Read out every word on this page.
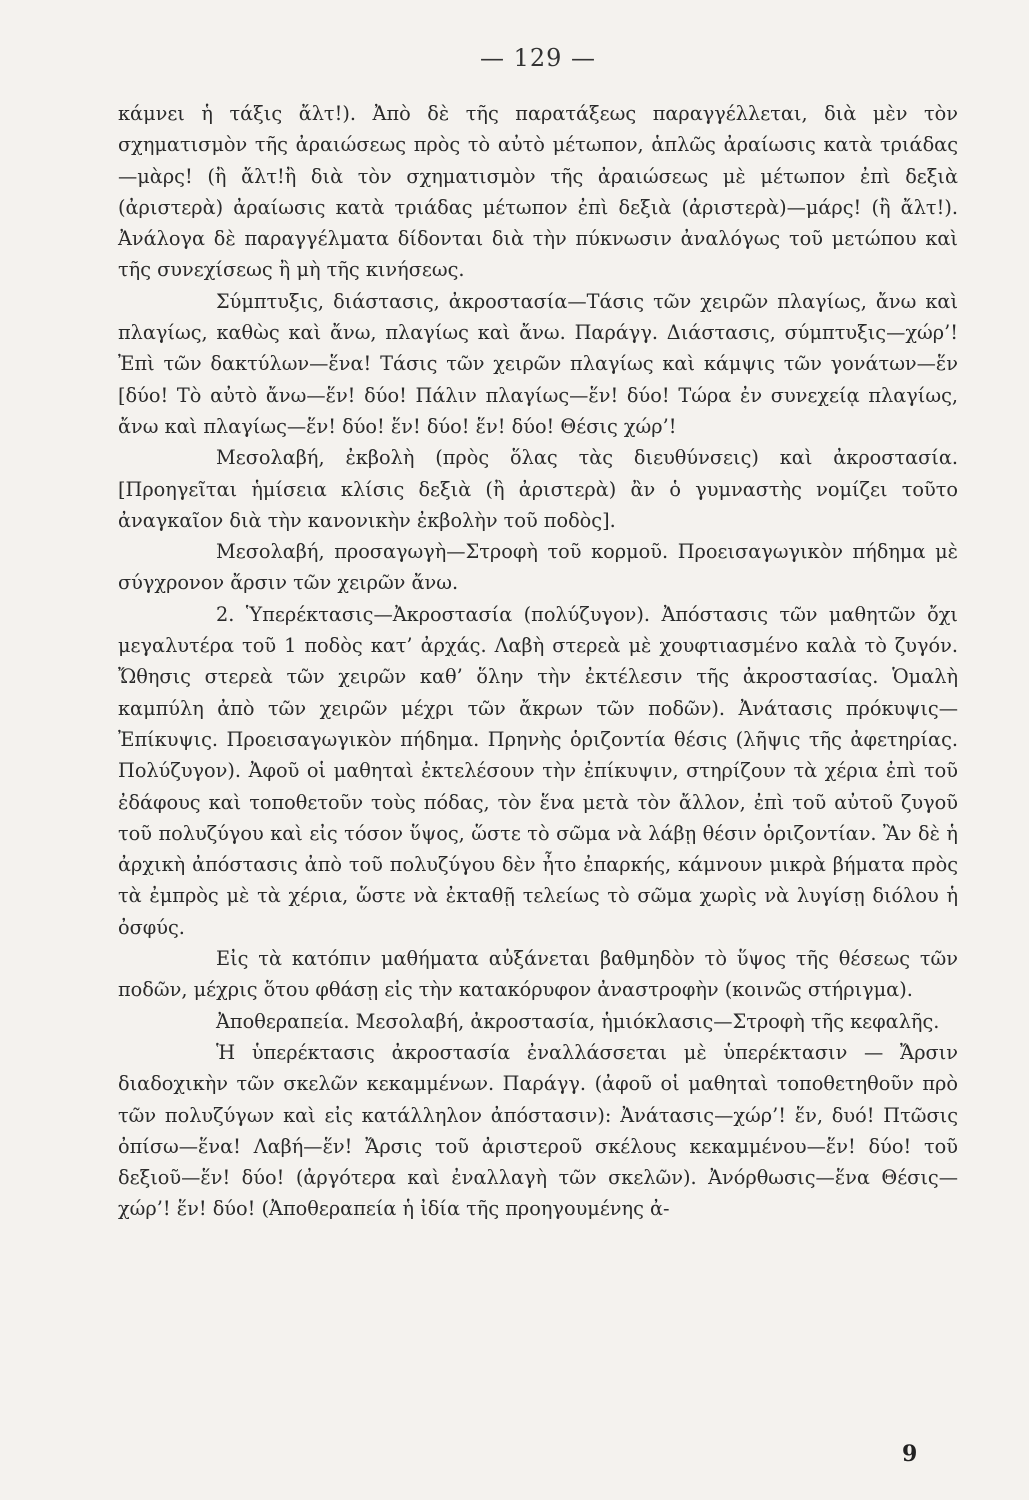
— 129 —

κάμνει ἡ τάξις ἄλτ!). Ἀπὸ δὲ τῆς παρατάξεως παραγγέλλεται, διὰ μὲν τὸν σχηματισμὸν τῆς ἀραιώσεως πρὸς τὸ αὐτὸ μέτωπον, ἁπλῶς ἀραίωσις κατὰ τριάδας—μὰρς! (ἢ ἄλτ!ἢ διὰ τὸν σχηματισμὸν τῆς ἀραιώσεως μὲ μέτωπον ἐπὶ δεξιὰ (ἀριστερὰ) ἀραίωσις κατὰ τριάδας μέτωπον ἐπὶ δεξιὰ (ἀριστερὰ)—μάρς! (ἢ ἄλτ!). Ἀνάλογα δὲ παραγγέλματα δίδονται διὰ τὴν πύκνωσιν ἀναλόγως τοῦ μετώπου καὶ τῆς συνεχίσεως ἢ μὴ τῆς κινήσεως.

Σύμπτυξις, διάστασις, ἀκροστασία—Τάσις τῶν χειρῶν πλαγίως, ἄνω καὶ πλαγίως, καθὼς καὶ ἄνω, πλαγίως καὶ ἄνω. Παράγγ. Διάστασις, σύμπτυξις—χώρ’! Ἐπὶ τῶν δακτύλων—ἕνα! Τάσις τῶν χειρῶν πλαγίως καὶ κάμψις τῶν γονάτων—ἕν [δύο! Τὸ αὐτὸ ἄνω—ἕν! δύο! Πάλιν πλαγίως—ἕν! δύο! Τώρα ἐν συνεχείᾳ πλαγίως, ἄνω καὶ πλαγίως—ἕν! δύο! ἕν! δύο! ἕν! δύο! Θέσις χώρ’!

Μεσολαβή, ἐκβολὴ (πρὸς ὅλας τὰς διευθύνσεις) καὶ ἀκροστασία. [Προηγεῖται ἡμίσεια κλίσις δεξιὰ (ἢ ἀριστερὰ) ἂν ὁ γυμναστὴς νομίζει τοῦτο ἀναγκαῖον διὰ τὴν κανονικὴν ἐκβολὴν τοῦ ποδὸς].

Μεσολαβή, προσαγωγὴ—Στροφὴ τοῦ κορμοῦ. Προεισαγωγικὸν πήδημα μὲ σύγχρονον ἄρσιν τῶν χειρῶν ἄνω.

2. Ὑπερέκτασις—Ἀκροστασία (πολύζυγον). Ἀπόστασις τῶν μαθητῶν ὄχι μεγαλυτέρα τοῦ 1 ποδὸς κατ’ ἀρχάς. Λαβὴ στερεὰ μὲ χουφτιασμένο καλὰ τὸ ζυγόν. Ὤθησις στερεὰ τῶν χειρῶν καθ’ ὅλην τὴν ἐκτέλεσιν τῆς ἀκροστασίας. Ὁμαλὴ καμπύλη ἀπὸ τῶν χειρῶν μέχρι τῶν ἄκρων τῶν ποδῶν). Ἀνάτασις πρόκυψις—Ἐπίκυψις. Προεισαγωγικὸν πήδημα. Πρηνὴς ὁριζοντία θέσις (λῆψις τῆς ἀφετηρίας. Πολύζυγον). Ἀφοῦ οἱ μαθηταὶ ἐκτελέσουν τὴν ἐπίκυψιν, στηρίζουν τὰ χέρια ἐπὶ τοῦ ἐδάφους καὶ τοποθετοῦν τοὺς πόδας, τὸν ἕνα μετὰ τὸν ἄλλον, ἐπὶ τοῦ αὐτοῦ ζυγοῦ τοῦ πολυζύγου καὶ εἰς τόσον ὕψος, ὥστε τὸ σῶμα νὰ λάβῃ θέσιν ὁριζοντίαν. Ἂν δὲ ἡ ἀρχικὴ ἀπόστασις ἀπὸ τοῦ πολυζύγου δὲν ἦτο ἐπαρκής, κάμνουν μικρὰ βήματα πρὸς τὰ ἐμπρὸς μὲ τὰ χέρια, ὥστε νὰ ἐκταθῇ τελείως τὸ σῶμα χωρὶς νὰ λυγίσῃ διόλου ἡ ὀσφύς.

Εἰς τὰ κατόπιν μαθήματα αὐξάνεται βαθμηδὸν τὸ ὕψος τῆς θέσεως τῶν ποδῶν, μέχρις ὅτου φθάσῃ εἰς τὴν κατακόρυφον ἀναστροφὴν (κοινῶς στήριγμα).

Ἀποθεραπεία. Μεσολαβή, ἀκροστασία, ἡμιόκλασις—Στροφὴ τῆς κεφαλῆς.

Ἡ ὑπερέκτασις ἀκροστασία ἐναλλάσσεται μὲ ὑπερέκτασιν — Ἄρσιν διαδοχικὴν τῶν σκελῶν κεκαμμένων. Παράγγ. (ἀφοῦ οἱ μαθηταὶ τοποθετηθοῦν πρὸ τῶν πολυζύγων καὶ εἰς κατάλληλον ἀπόστασιν): Ἀνάτασις—χώρ’! ἕν, δυό! Πτῶσις ὀπίσω—ἕνα! Λαβή—ἕν! Ἄρσις τοῦ ἀριστεροῦ σκέλους κεκαμμένου—ἕν! δύο! τοῦ δεξιοῦ—ἕν! δύο! (ἀργότερα καὶ ἐναλλαγὴ τῶν σκελῶν). Ἀνόρθωσις—ἕνα Θέσις—χώρ’! ἕν! δύο! (Ἀποθεραπεία ἡ ἰδία τῆς προηγουμένης ἀ-

9
